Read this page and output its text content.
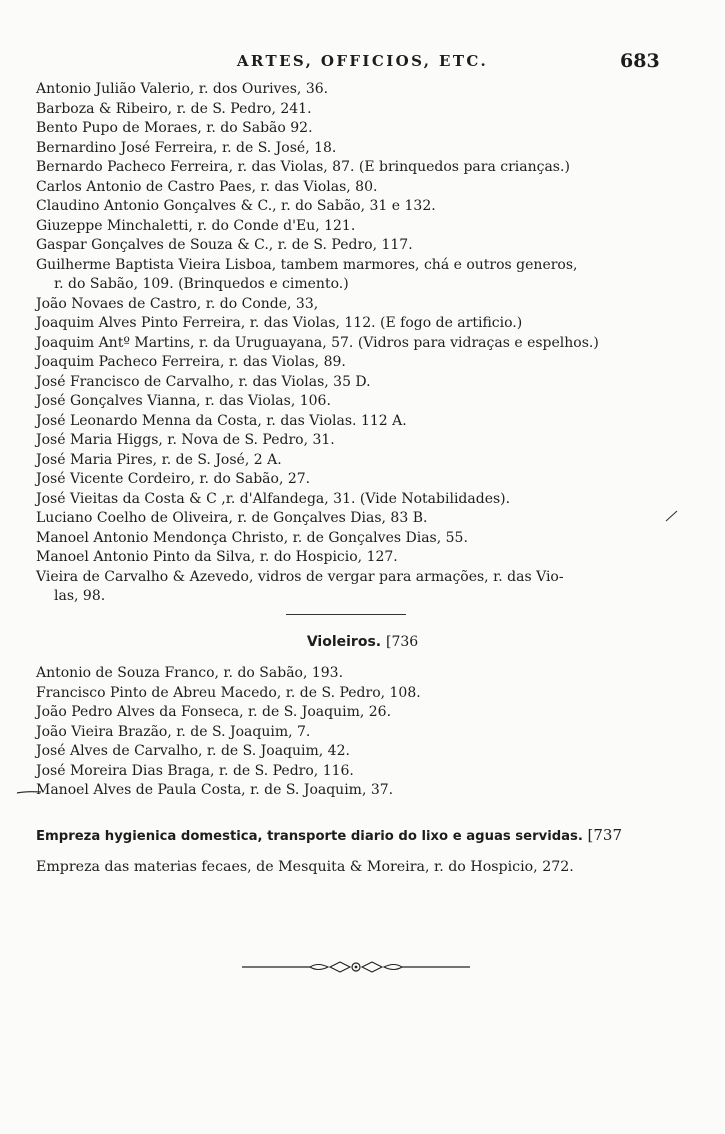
ARTES, OFFICIOS, ETC.	683
Antonio Julião Valerio, r. dos Ourives, 36.
Barboza & Ribeiro, r. de S. Pedro, 241.
Bento Pupo de Moraes, r. do Sabão 92.
Bernardino José Ferreira, r. de S. José, 18.
Bernardo Pacheco Ferreira, r. das Violas, 87. (E brinquedos para crianças.)
Carlos Antonio de Castro Paes, r. das Violas, 80.
Claudino Antonio Gonçalves & C., r. do Sabão, 31 e 132.
Giuzeppe Minchaletti, r. do Conde d'Eu, 121.
Gaspar Gonçalves de Souza & C., r. de S. Pedro, 117.
Guilherme Baptista Vieira Lisboa, tambem marmores, chá e outros generos,
r. do Sabão, 109. (Brinquedos e cimento.)
João Novaes de Castro, r. do Conde, 33,
Joaquim Alves Pinto Ferreira, r. das Violas, 112. (E fogo de artificio.)
Joaquim Antº Martins, r. da Uruguayana, 57. (Vidros para vidraças e espelhos.)
Joaquim Pacheco Ferreira, r. das Violas, 89.
José Francisco de Carvalho, r. das Violas, 35 D.
José Gonçalves Vianna, r. das Violas, 106.
José Leonardo Menna da Costa, r. das Violas. 112 A.
José Maria Higgs, r. Nova de S. Pedro, 31.
José Maria Pires, r. de S. José, 2 A.
José Vicente Cordeiro, r. do Sabão, 27.
José Vieitas da Costa & C ,r. d'Alfandega, 31. (Vide Notabilidades).
Luciano Coelho de Oliveira, r. de Gonçalves Dias, 83 B.
Manoel Antonio Mendonça Christo, r. de Gonçalves Dias, 55.
Manoel Antonio Pinto da Silva, r. do Hospicio, 127.
Vieira de Carvalho & Azevedo, vidros de vergar para armações, r. das Vio-
las, 98.
Violeiros. [736
Antonio de Souza Franco, r. do Sabão, 193.
Francisco Pinto de Abreu Macedo, r. de S. Pedro, 108.
João Pedro Alves da Fonseca, r. de S. Joaquim, 26.
João Vieira Brazão, r. de S. Joaquim, 7.
José Alves de Carvalho, r. de S. Joaquim, 42.
José Moreira Dias Braga, r. de S. Pedro, 116.
Manoel Alves de Paula Costa, r. de S. Joaquim, 37.
Empreza hygienica domestica, transporte diario do lixo e aguas servidas. [737
Empreza das materias fecaes, de Mesquita & Moreira, r. do Hospicio, 272.
